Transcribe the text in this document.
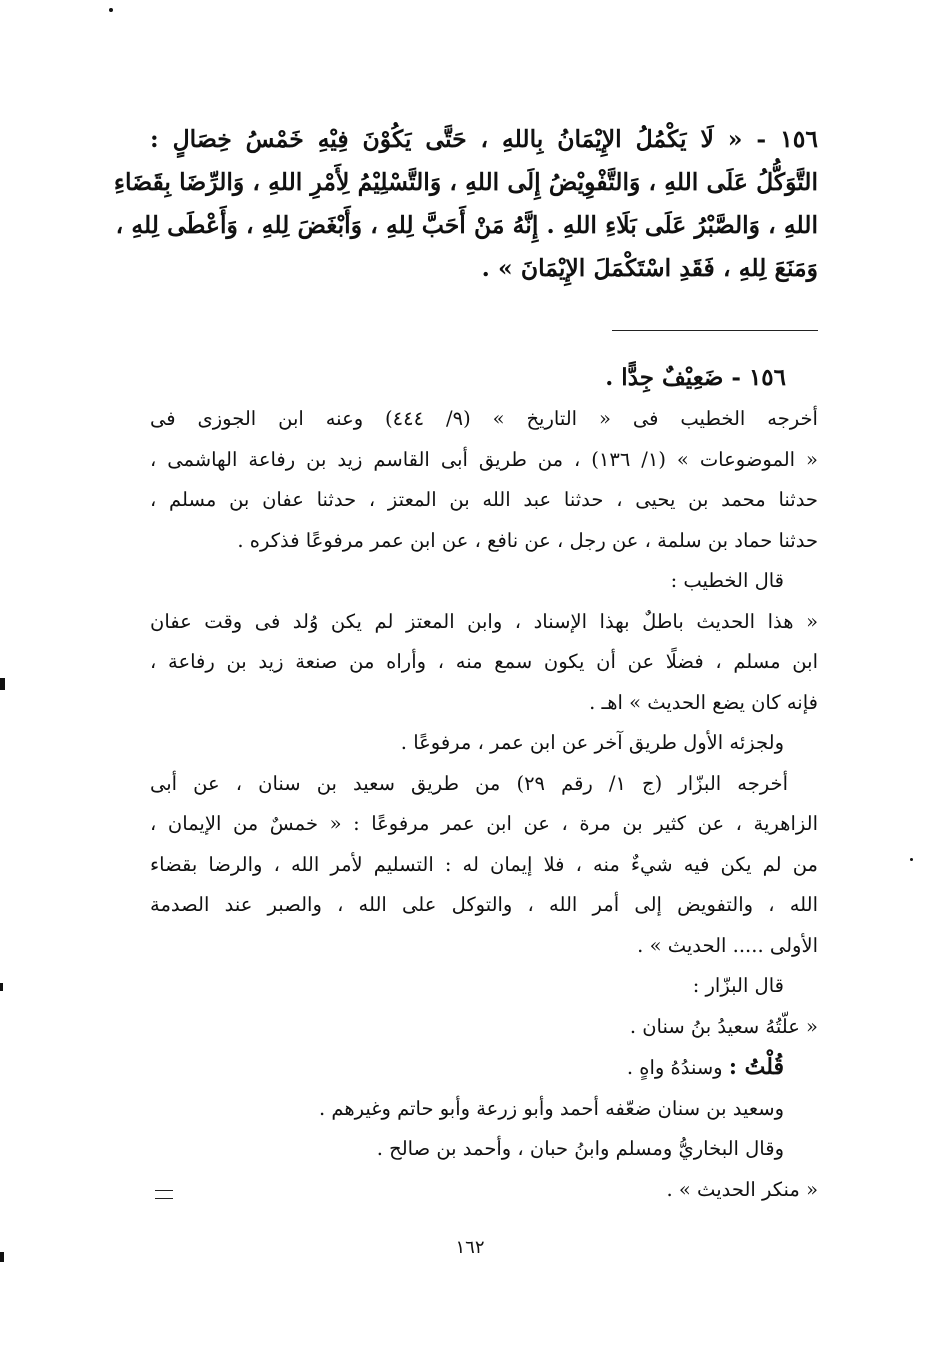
١٥٦ - « لَا يَكْمُلُ الإِيْمَانُ بِاللهِ ، حَتَّى يَكُوْنَ فِيْهِ خَمْسُ خِصَالٍ :
التَّوَكُّلُ عَلَى اللهِ ، وَالتَّفْوِيْضُ إِلَى اللهِ ، وَالتَّسْلِيْمُ لِأَمْرِ اللهِ ، وَالرِّضَا بِقَضَاءِ
اللهِ ، وَالصَّبْرُ عَلَى بَلَاءِ اللهِ . إِنَّهُ مَنْ أَحَبَّ لِلهِ ، وَأَبْغَضَ لِلهِ ، وَأَعْطَى لِلهِ ،
وَمَنَعَ لِلهِ ، فَقَدِ اسْتَكْمَلَ الإِيْمَانَ » .
١٥٦ - ضَعِيْفٌ جِدًّا .
أخرجه الخطيب فى « التاريخ » (٩/ ٤٤٤) وعنه ابن الجوزى فى
« الموضوعات » (١/ ١٣٦) ، من طريق أبى القاسم زيد بن رفاعة الهاشمى ،
حدثنا محمد بن يحيى ، حدثنا عبد الله بن المعتز ، حدثنا عفان بن مسلم ،
حدثنا حماد بن سلمة ، عن رجل ، عن نافع ، عن ابن عمر مرفوعًا فذكره .
قال الخطيب :
« هذا الحديث باطلٌ بهذا الإسناد ، وابن المعتز لم يكن وُلد فى وقت عفان
ابن مسلم ، فضلًا عن أن يكون سمع منه ، وأراه من صنعة زيد بن رفاعة ،
فإنه كان يضع الحديث » اهـ .
ولجزئه الأول طريق آخر عن ابن عمر ، مرفوعًا .
أخرجه البزّار (ج ١/ رقم ٢٩) من طريق سعيد بن سنان ، عن أبى
الزاهرية ، عن كثير بن مرة ، عن ابن عمر مرفوعًا : « خمسٌ من الإيمان ،
من لم يكن فيه شيءٌ منه ، فلا إيمان له : التسليم لأمر الله ، والرضا بقضاء
الله ، والتفويض إلى أمر الله ، والتوكل على الله ، والصبر عند الصدمة
الأولى ..... الحديث » .
قال البزّار :
« علّتُهُ سعيدُ بنُ سنان .
قُلْتُ : وسندُهُ واهٍ .
وسعيد بن سنان ضعّفه أحمد وأبو زرعة وأبو حاتم وغيرهم .
وقال البخاريُّ ومسلم وابنُ حبان ، وأحمد بن صالح .
« منكر الحديث » .
١٦٢
